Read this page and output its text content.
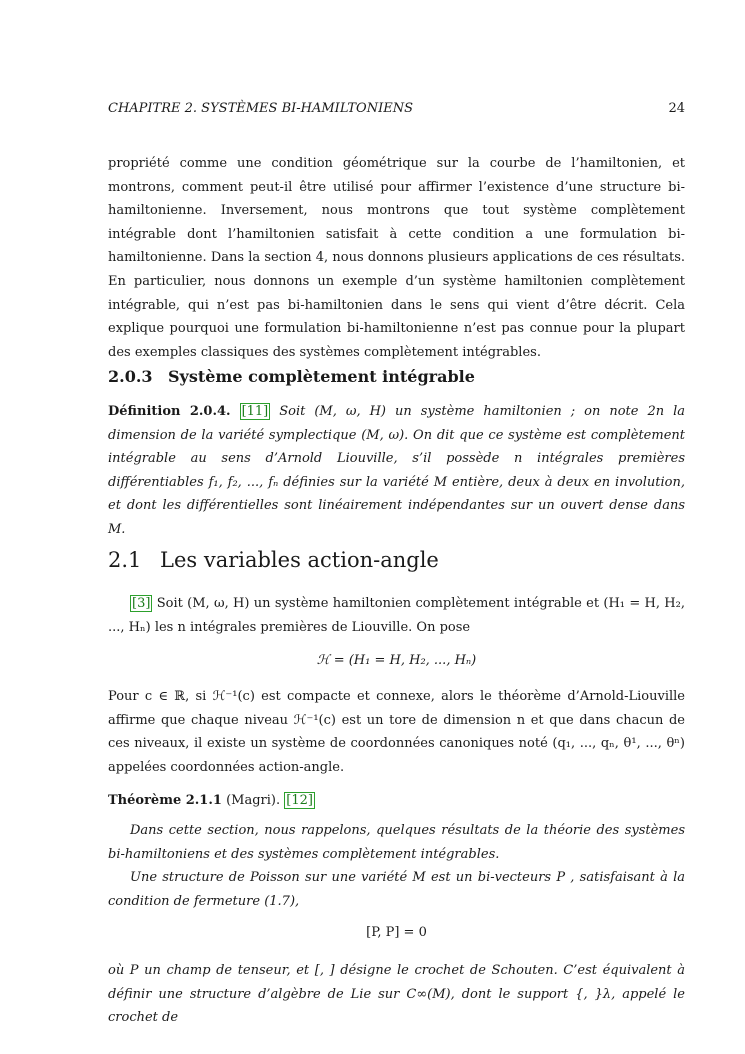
CHAPITRE 2. SYSTÈMES BI-HAMILTONIENS	24

propriété comme une condition géométrique sur la courbe de l’hamiltonien, et montrons, comment peut-il être utilisé pour affirmer l’existence d’une structure bi- hamiltonienne. Inversement, nous montrons que tout système complètement intégrable dont l’hamiltonien satisfait à cette condition a une formulation bi-hamiltonienne. Dans la section 4, nous donnons plusieurs applications de ces résultats. En particulier, nous donnons un exemple d’un système hamiltonien complètement intégrable, qui n’est pas bi-hamiltonien dans le sens qui vient d’être décrit. Cela explique pourquoi une formulation bi-hamiltonienne n’est pas connue pour la plupart des exemples classiques des systèmes complètement intégrables.

2.0.3 Système complètement intégrable

Définition 2.0.4. [11] Soit (M, ω, H) un système hamiltonien ; on note 2n la dimension de la variété symplectique (M, ω). On dit que ce système est complètement intégrable au sens d’Arnold Liouville, s’il possède n intégrales premières différentiables f₁, f₂, ..., fₙ définies sur la variété M entière, deux à deux en involution, et dont les différentielles sont linéairement indépendantes sur un ouvert dense dans M.

2.1 Les variables action-angle

[3] Soit (M, ω, H) un système hamiltonien complètement intégrable et (H₁ = H, H₂, ..., Hₙ) les n intégrales premières de Liouville. On pose

ℋ = (H₁ = H, H₂, ..., Hₙ)

Pour c ∈ ℝ, si ℋ⁻¹(c) est compacte et connexe, alors le théorème d’Arnold-Liouville affirme que chaque niveau ℋ⁻¹(c) est un tore de dimension n et que dans chacun de ces niveaux, il existe un système de coordonnées canoniques noté (q₁, ..., qₙ, θ¹, ..., θⁿ) appelées coordonnées action-angle.

Théorème 2.1.1 (Magri). [12]

Dans cette section, nous rappelons, quelques résultats de la théorie des systèmes bi-hamiltoniens et des systèmes complètement intégrables.

Une structure de Poisson sur une variété M est un bi-vecteurs P , satisfaisant à la condition de fermeture (1.7),

[P, P] = 0

où P un champ de tenseur, et [, ] désigne le crochet de Schouten. C’est équivalent à définir une structure d’algèbre de Lie sur C∞(M), dont le support {, }λ, appelé le crochet de
